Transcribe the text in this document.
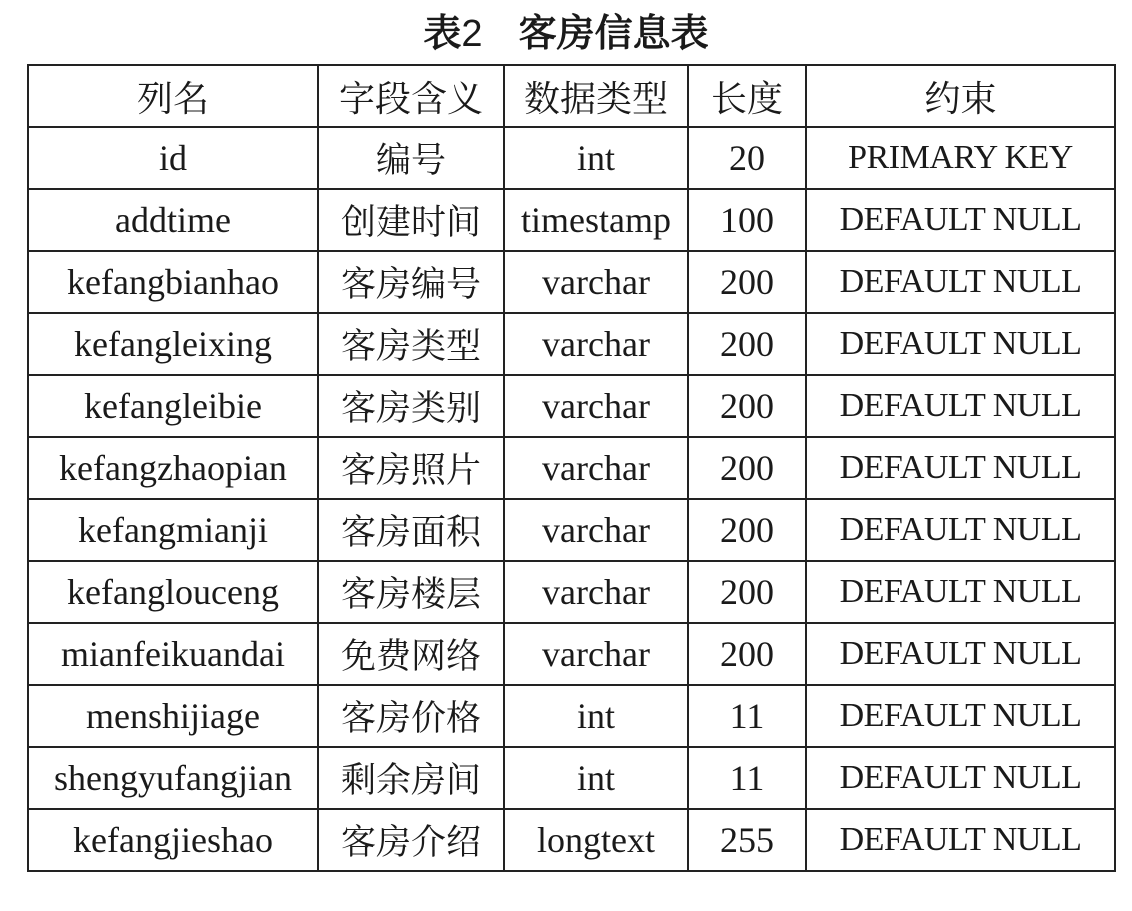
表2 客房信息表
列名	字段含义	数据类型	长度	约束
id	编号	int	20	PRIMARY KEY
addtime	创建时间	timestamp	100	DEFAULT NULL
kefangbianhao	客房编号	varchar	200	DEFAULT NULL
kefangleixing	客房类型	varchar	200	DEFAULT NULL
kefangleibie	客房类别	varchar	200	DEFAULT NULL
kefangzhaopian	客房照片	varchar	200	DEFAULT NULL
kefangmianji	客房面积	varchar	200	DEFAULT NULL
kefanglouceng	客房楼层	varchar	200	DEFAULT NULL
mianfeikuandai	免费网络	varchar	200	DEFAULT NULL
menshijiage	客房价格	int	11	DEFAULT NULL
shengyufangjian	剩余房间	int	11	DEFAULT NULL
kefangjieshao	客房介绍	longtext	255	DEFAULT NULL
